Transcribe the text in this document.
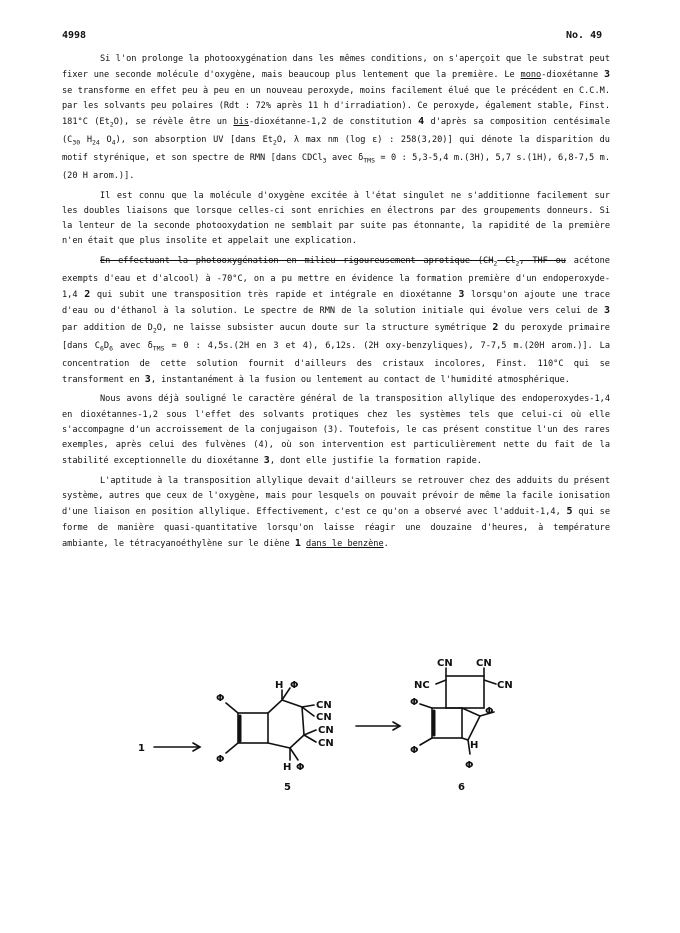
4998	No. 49

Si l'on prolonge la photooxygénation dans les mêmes conditions, on s'aperçoit que le substrat peut fixer une seconde molécule d'oxygène, mais beaucoup plus lentement que la première. Le mono-dioxétanne 3 se transforme en effet peu à peu en un nouveau peroxyde, moins facilement élué que le précédent en C.C.M. par les solvants peu polaires (Rdt : 72% après 11 h d'irradiation). Ce peroxyde, également stable, Finst. 181°C $(Et_2O)$, se révèle être un bis-dioxétanne-1,2 de constitution 4 d'après sa composition centésimale ($C_{30}$ $H_{24}$ $O_4$), son absorption UV [dans $Et_2O$, λ max nm (log ε) : 258(3,20)] qui dénote la disparition du motif styrénique, et son spectre de RMN [dans CDCl$_3$ avec $\delta_{TMS} = 0$ : 5,3-5,4 m.(3H), 5,7 s.(1H), 6,8-7,5 m.(20 H arom.)].

Il est connu que la molécule d'oxygène excitée à l'état singulet ne s'additionne facilement sur les doubles liaisons que lorsque celles-ci sont enrichies en électrons par des groupements donneurs. Si la lenteur de la seconde photooxydation ne semblait par suite pas étonnante, la rapidité de la première n'en était que plus insolite et appelait une explication.

En effectuant la photooxygénation en milieu rigoureusement aprotique ($CH_2$ $Cl_2$, THF ou acétone exempts d'eau et d'alcool) à -70°C, on a pu mettre en évidence la formation première d'un endoperoxyde-1,4 2 qui subit une transposition très rapide et intégrale en dioxétanne 3 lorsqu'on ajoute une trace d'eau ou d'éthanol à la solution. Le spectre de RMN de la solution initiale qui évolue vers celui de 3 par addition de $D_2O$, ne laisse subsister aucun doute sur la structure symétrique 2 du peroxyde primaire [dans $C_6D_6$ avec $\delta_{TMS} = 0$ : 4,5s.(2H en 3 et 4), 6,12s. (2H oxy-benzyliques), 7-7,5 m.(20H arom.)]. La concentration de cette solution fournit d'ailleurs des cristaux incolores, Finst. 110°C qui se transforment en 3, instantanément à la fusion ou lentement au contact de l'humidité atmosphérique.

Nous avons déjà souligné le caractère général de la transposition allylique des endoperoxydes-1,4 en dioxétannes-1,2 sous l'effet des solvants protiques chez les systèmes tels que celui-ci où elle s'accompagne d'un accroissement de la conjugaison (3). Toutefois, le cas présent constitue l'un des rares exemples, après celui des fulvènes (4), où son intervention est particulièrement nette du fait de la stabilité exceptionnelle du dioxétanne 3, dont elle justifie la formation rapide.

L'aptitude à la transposition allylique devait d'ailleurs se retrouver chez des adduits du présent système, autres que ceux de l'oxygène, mais pour lesquels on pouvait prévoir de même la facile ionisation d'une liaison en position allylique. Effectivement, c'est ce qu'on a observé avec l'adduit-1,4, 5 qui se forme de manière quasi-quantitative lorsqu'on laisse réagir une douzaine d'heures, à température ambiante, le tétracyanoéthylène sur le diène 1 dans le benzène.

1
Φ
Φ
H Φ
H Φ
CN
CN
CN
CN
5
CN CN
NC	CN
Φ
Φ
Φ
H
Φ
6
